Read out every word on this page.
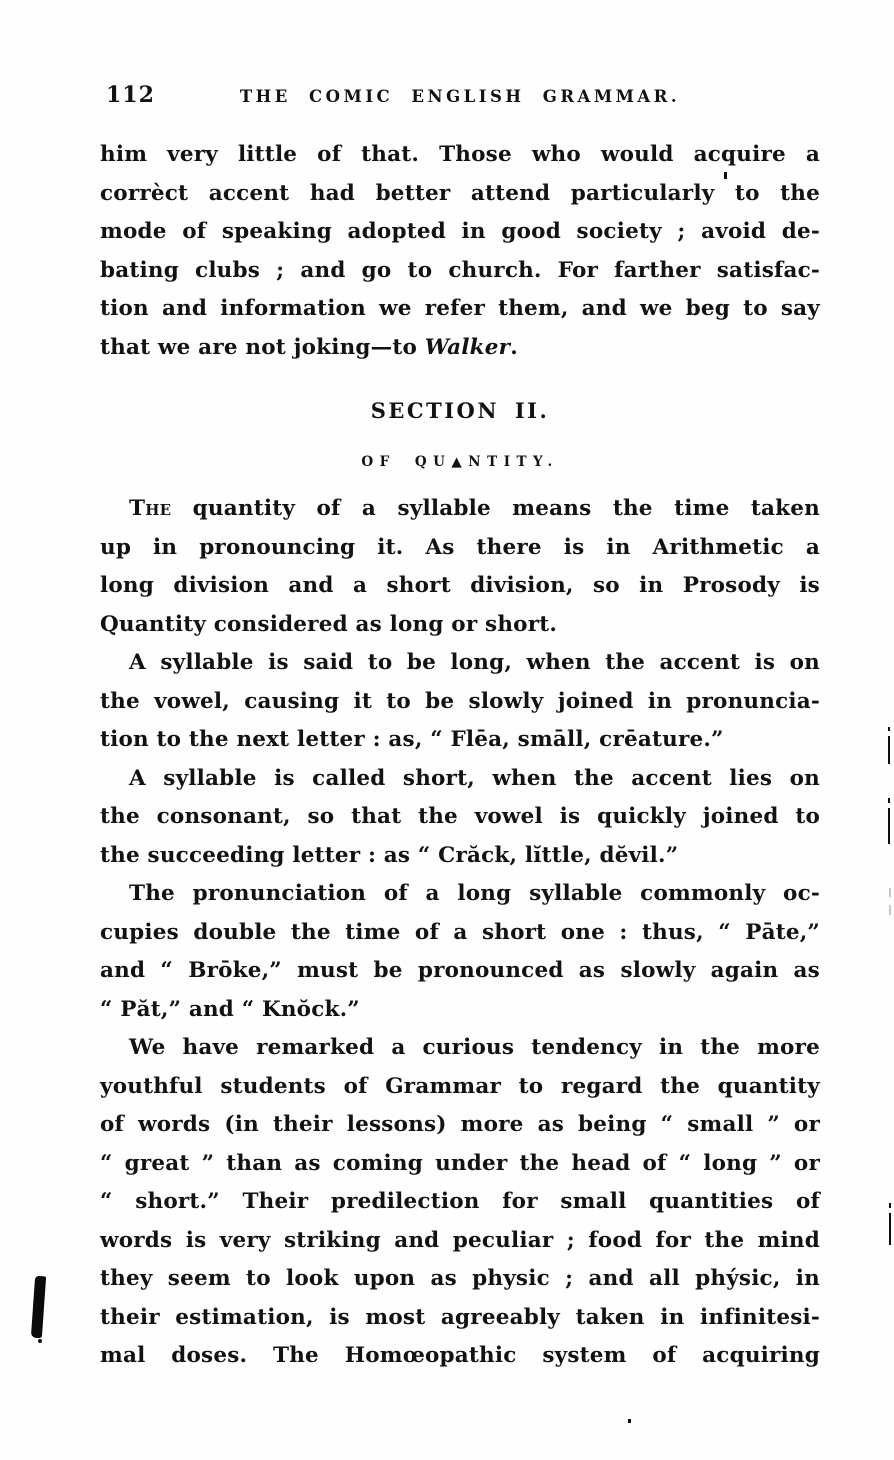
112	THE COMIC ENGLISH GRAMMAR.
him very little of that. Those who would acquire a
corrèct accent had better attend particularly to the
mode of speaking adopted in good society ; avoid de-
bating clubs ; and go to church. For farther satisfac-
tion and information we refer them, and we beg to say
that we are not joking—to Walker.
SECTION II.
OF QU▲NTITY.
The quantity of a syllable means the time taken
up in pronouncing it. As there is in Arithmetic a
long division and a short division, so in Prosody is
Quantity considered as long or short.
A syllable is said to be long, when the accent is on
the vowel, causing it to be slowly joined in pronuncia-
tion to the next letter : as, “ Flēa, smāll, crēature.”
A syllable is called short, when the accent lies on
the consonant, so that the vowel is quickly joined to
the succeeding letter : as “ Crăck, lĭttle, dĕvil.”
The pronunciation of a long syllable commonly oc-
cupies double the time of a short one : thus, “ Pāte,”
and “ Brōke,” must be pronounced as slowly again as
“ Păt,” and “ Knŏck.”
We have remarked a curious tendency in the more
youthful students of Grammar to regard the quantity
of words (in their lessons) more as being “ small ” or
“ great ” than as coming under the head of “ long ” or
“ short.” Their predilection for small quantities of
words is very striking and peculiar ; food for the mind
they seem to look upon as physic ; and all phýsic, in
their estimation, is most agreeably taken in infinitesi-
mal doses. The Homœopathic system of acquiring
